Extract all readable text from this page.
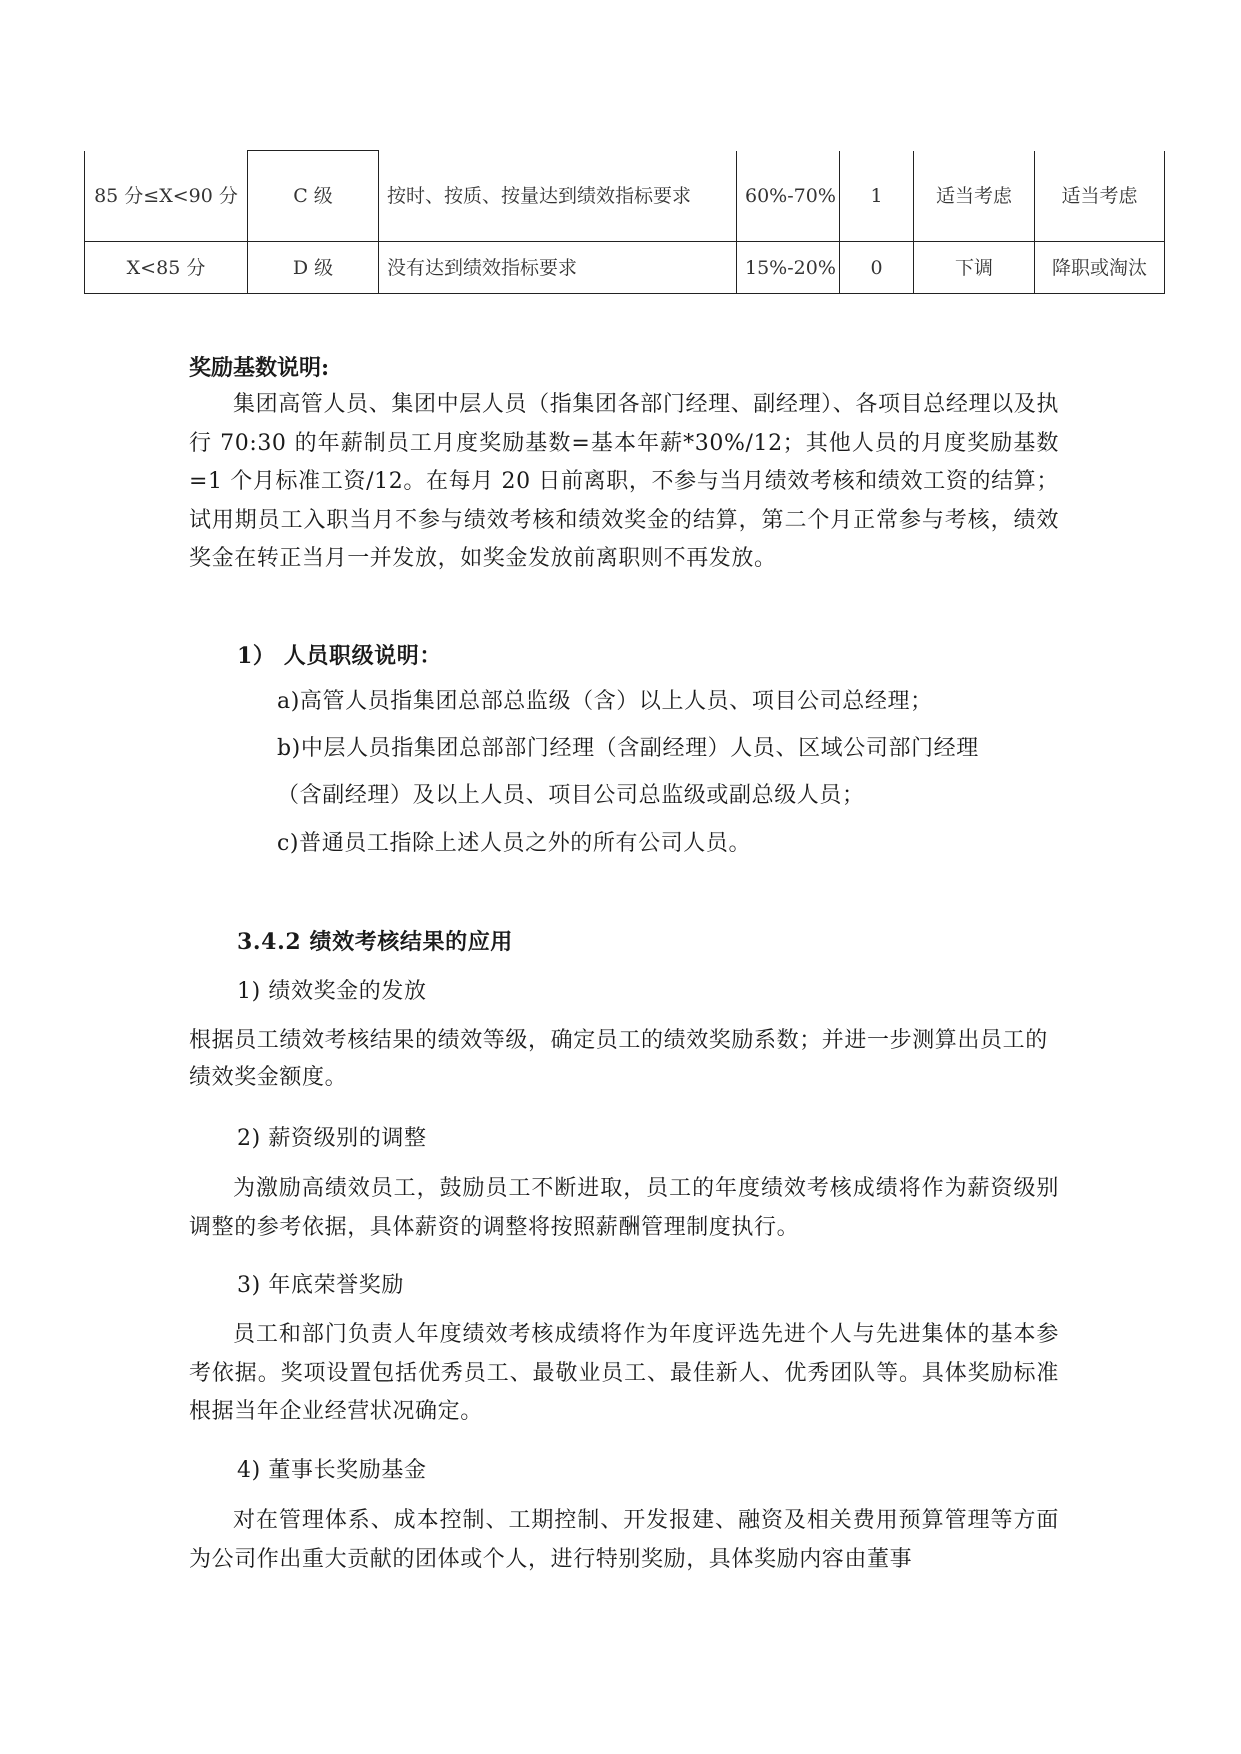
85 分≤X<90 分	C 级	按时、按质、按量达到绩效指标要求	60%-70%	1	适当考虑	适当考虑
X<85 分	D 级	没有达到绩效指标要求	15%-20%	0	下调	降职或淘汰
奖励基数说明:
集团高管人员、集团中层人员（指集团各部门经理、副经理）、各项目总经理以及执行 70:30 的年薪制员工月度奖励基数=基本年薪*30%/12；其他人员的月度奖励基数=1 个月标准工资/12。在每月 20 日前离职，不参与当月绩效考核和绩效工资的结算；试用期员工入职当月不参与绩效考核和绩效奖金的结算，第二个月正常参与考核，绩效奖金在转正当月一并发放，如奖金发放前离职则不再发放。
1） 人员职级说明：
a)高管人员指集团总部总监级（含）以上人员、项目公司总经理；
b)中层人员指集团总部部门经理（含副经理）人员、区域公司部门经理
（含副经理）及以上人员、项目公司总监级或副总级人员；
c)普通员工指除上述人员之外的所有公司人员。
3.4.2 绩效考核结果的应用
1) 绩效奖金的发放
根据员工绩效考核结果的绩效等级，确定员工的绩效奖励系数；并进一步测算出员工的绩效奖金额度。
2) 薪资级别的调整
为激励高绩效员工，鼓励员工不断进取，员工的年度绩效考核成绩将作为薪资级别调整的参考依据，具体薪资的调整将按照薪酬管理制度执行。
3) 年底荣誉奖励
员工和部门负责人年度绩效考核成绩将作为年度评选先进个人与先进集体的基本参考依据。奖项设置包括优秀员工、最敬业员工、最佳新人、优秀团队等。具体奖励标准根据当年企业经营状况确定。
4) 董事长奖励基金
对在管理体系、成本控制、工期控制、开发报建、融资及相关费用预算管理等方面为公司作出重大贡献的团体或个人，进行特别奖励，具体奖励内容由董事
